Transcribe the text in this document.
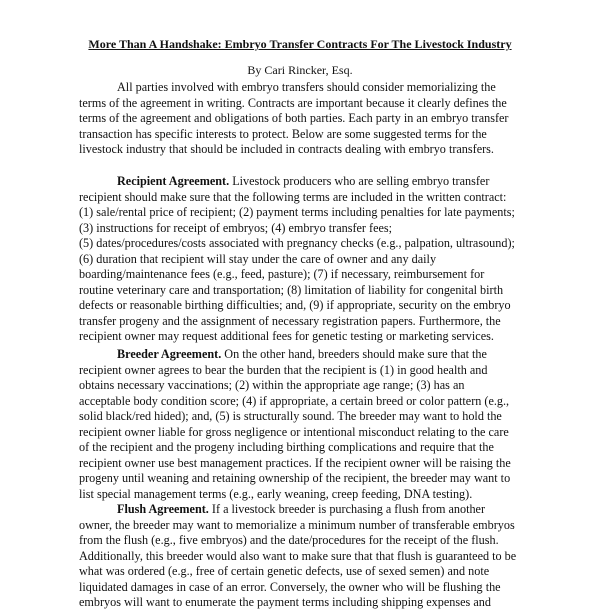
More Than A Handshake: Embryo Transfer Contracts For The Livestock Industry
By Cari Rincker, Esq.
All parties involved with embryo transfers should consider memorializing the
terms of the agreement in writing. Contracts are important because it clearly defines the
terms of the agreement and obligations of both parties. Each party in an embryo transfer
transaction has specific interests to protect. Below are some suggested terms for the
livestock industry that should be included in contracts dealing with embryo transfers.
Recipient Agreement. Livestock producers who are selling embryo transfer
recipient should make sure that the following terms are included in the written contract:
(1) sale/rental price of recipient; (2) payment terms including penalties for late payments;
(3) instructions for receipt of embryos; (4) embryo transfer fees;
(5) dates/procedures/costs associated with pregnancy checks (e.g., palpation, ultrasound);
(6) duration that recipient will stay under the care of owner and any daily
boarding/maintenance fees (e.g., feed, pasture); (7) if necessary, reimbursement for
routine veterinary care and transportation; (8) limitation of liability for congenital birth
defects or reasonable birthing difficulties; and, (9) if appropriate, security on the embryo
transfer progeny and the assignment of necessary registration papers. Furthermore, the
recipient owner may request additional fees for genetic testing or marketing services.
Breeder Agreement. On the other hand, breeders should make sure that the
recipient owner agrees to bear the burden that the recipient is (1) in good health and
obtains necessary vaccinations; (2) within the appropriate age range; (3) has an
acceptable body condition score; (4) if appropriate, a certain breed or color pattern (e.g.,
solid black/red hided); and, (5) is structurally sound. The breeder may want to hold the
recipient owner liable for gross negligence or intentional misconduct relating to the care
of the recipient and the progeny including birthing complications and require that the
recipient owner use best management practices. If the recipient owner will be raising the
progeny until weaning and retaining ownership of the recipient, the breeder may want to
list special management terms (e.g., early weaning, creep feeding, DNA testing).
Flush Agreement. If a livestock breeder is purchasing a flush from another
owner, the breeder may want to memorialize a minimum number of transferable embryos
from the flush (e.g., five embryos) and the date/procedures for the receipt of the flush.
Additionally, this breeder would also want to make sure that that flush is guaranteed to be
what was ordered (e.g., free of certain genetic defects, use of sexed semen) and note
liquidated damages in case of an error. Conversely, the owner who will be flushing the
embryos will want to enumerate the payment terms including shipping expenses and
